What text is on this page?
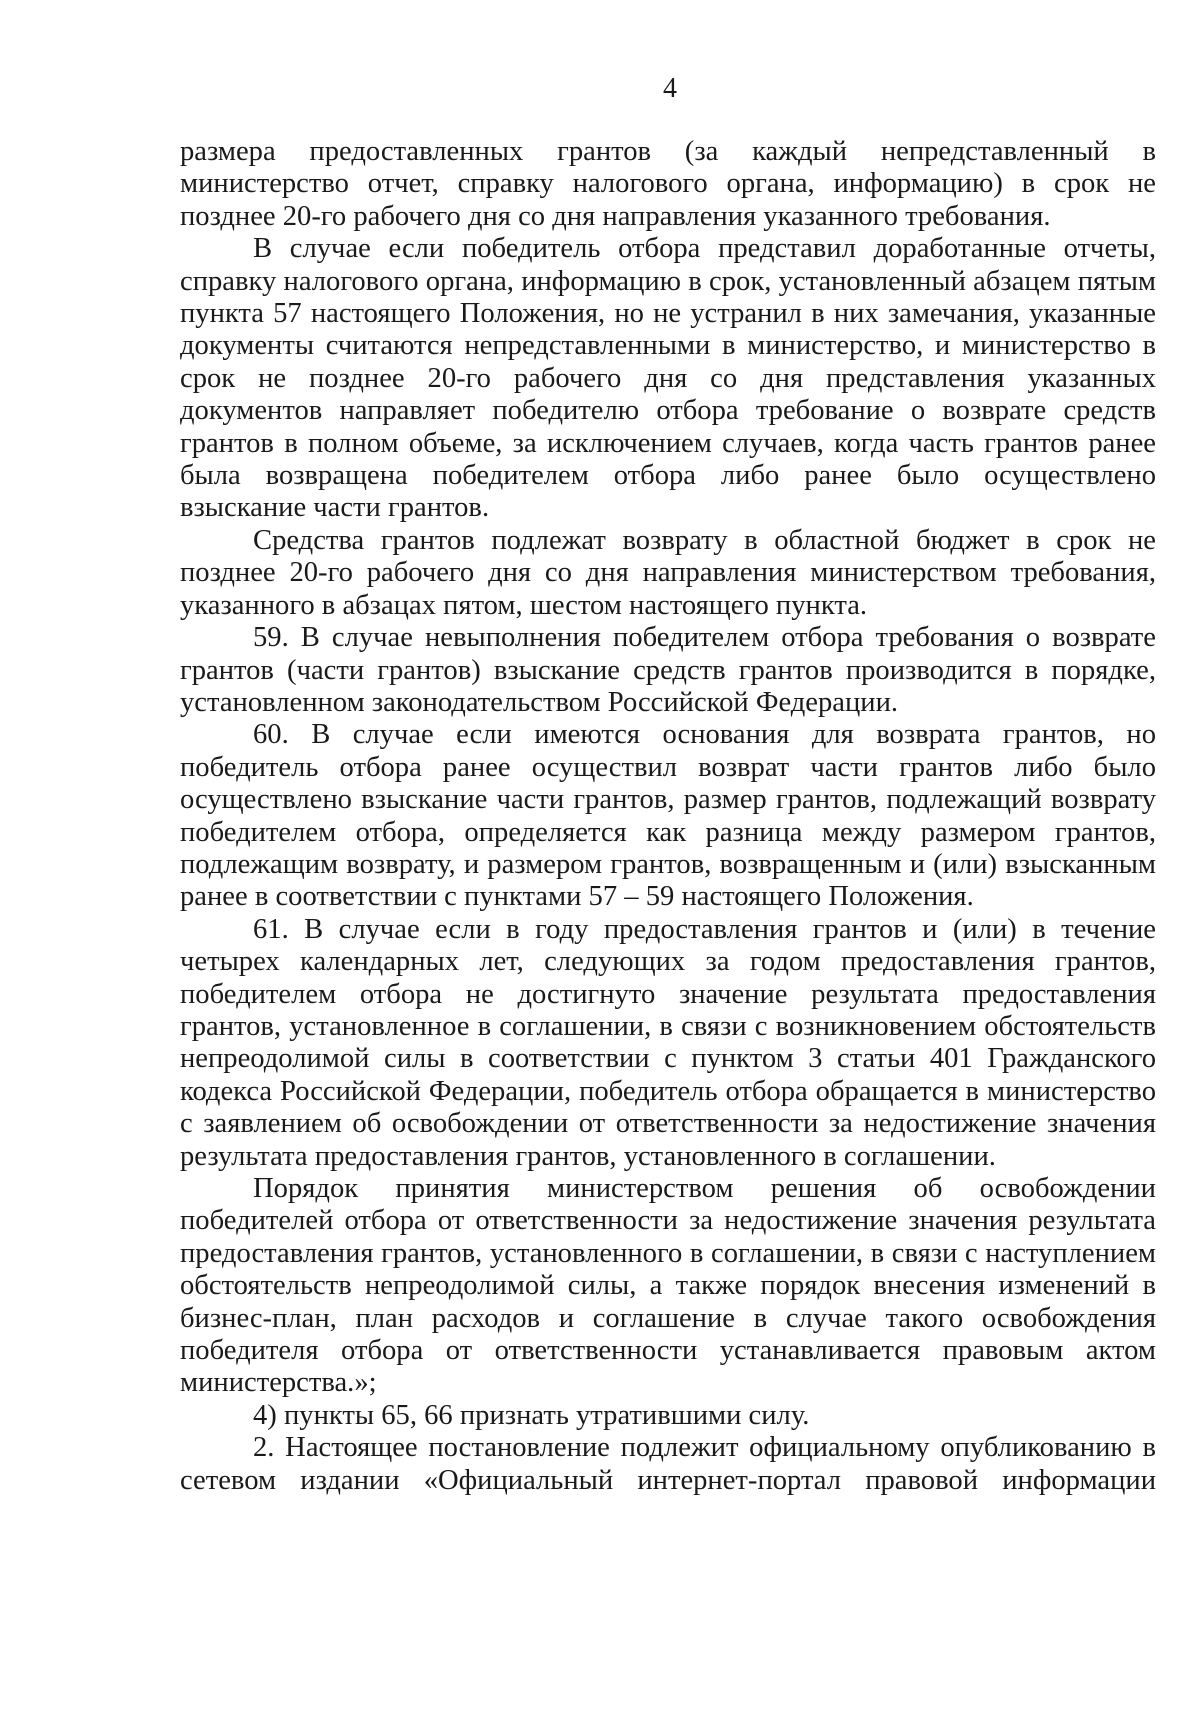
4

размера предоставленных грантов (за каждый непредставленный в министерство отчет, справку налогового органа, информацию) в срок не позднее 20-го рабочего дня со дня направления указанного требования.

В случае если победитель отбора представил доработанные отчеты, справку налогового органа, информацию в срок, установленный абзацем пятым пункта 57 настоящего Положения, но не устранил в них замечания, указанные документы считаются непредставленными в министерство, и министерство в срок не позднее 20-го рабочего дня со дня представления указанных документов направляет победителю отбора требование о возврате средств грантов в полном объеме, за исключением случаев, когда часть грантов ранее была возвращена победителем отбора либо ранее было осуществлено взыскание части грантов.

Средства грантов подлежат возврату в областной бюджет в срок не позднее 20-го рабочего дня со дня направления министерством требования, указанного в абзацах пятом, шестом настоящего пункта.

59. В случае невыполнения победителем отбора требования о возврате грантов (части грантов) взыскание средств грантов производится в порядке, установленном законодательством Российской Федерации.

60. В случае если имеются основания для возврата грантов, но победитель отбора ранее осуществил возврат части грантов либо было осуществлено взыскание части грантов, размер грантов, подлежащий возврату победителем отбора, определяется как разница между размером грантов, подлежащим возврату, и размером грантов, возвращенным и (или) взысканным ранее в соответствии с пунктами 57 – 59 настоящего Положения.

61. В случае если в году предоставления грантов и (или) в течение четырех календарных лет, следующих за годом предоставления грантов, победителем отбора не достигнуто значение результата предоставления грантов, установленное в соглашении, в связи с возникновением обстоятельств непреодолимой силы в соответствии с пунктом 3 статьи 401 Гражданского кодекса Российской Федерации, победитель отбора обращается в министерство с заявлением об освобождении от ответственности за недостижение значения результата предоставления грантов, установленного в соглашении.

Порядок принятия министерством решения об освобождении победителей отбора от ответственности за недостижение значения результата предоставления грантов, установленного в соглашении, в связи с наступлением обстоятельств непреодолимой силы, а также порядок внесения изменений в бизнес-план, план расходов и соглашение в случае такого освобождения победителя отбора от ответственности устанавливается правовым актом министерства.»;

4) пункты 65, 66 признать утратившими силу.

2. Настоящее постановление подлежит официальному опубликованию в сетевом издании «Официальный интернет-портал правовой информации
